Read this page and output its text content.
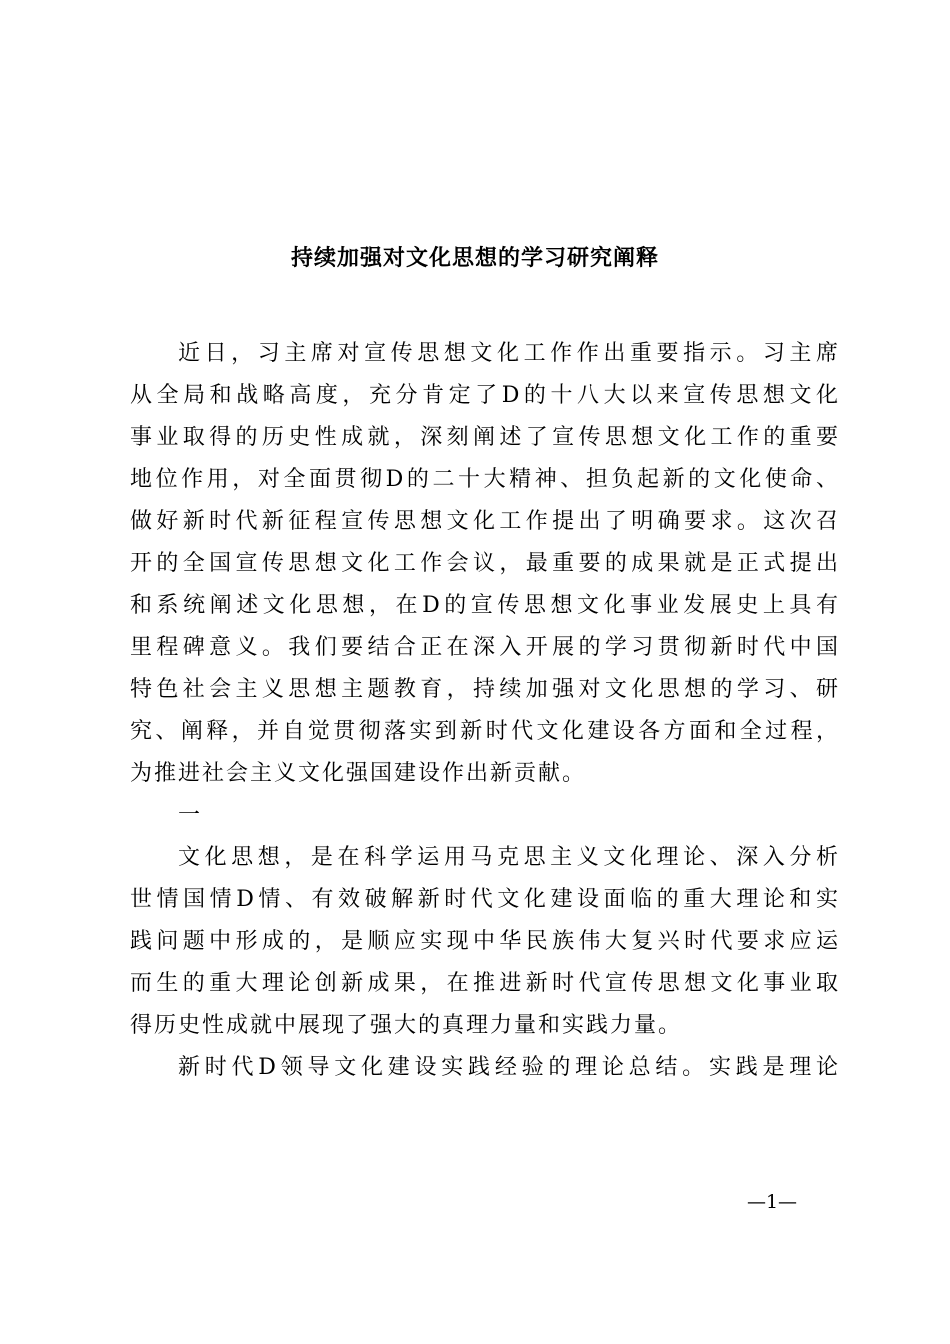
持续加强对文化思想的学习研究阐释
近日，习主席对宣传思想文化工作作出重要指示。习主席
从全局和战略高度，充分肯定了D的十八大以来宣传思想文化
事业取得的历史性成就，深刻阐述了宣传思想文化工作的重要
地位作用，对全面贯彻D的二十大精神、担负起新的文化使命、
做好新时代新征程宣传思想文化工作提出了明确要求。这次召
开的全国宣传思想文化工作会议，最重要的成果就是正式提出
和系统阐述文化思想，在D的宣传思想文化事业发展史上具有
里程碑意义。我们要结合正在深入开展的学习贯彻新时代中国
特色社会主义思想主题教育，持续加强对文化思想的学习、研
究、阐释，并自觉贯彻落实到新时代文化建设各方面和全过程，
为推进社会主义文化强国建设作出新贡献。
一
文化思想，是在科学运用马克思主义文化理论、深入分析
世情国情D情、有效破解新时代文化建设面临的重大理论和实
践问题中形成的，是顺应实现中华民族伟大复兴时代要求应运
而生的重大理论创新成果，在推进新时代宣传思想文化事业取
得历史性成就中展现了强大的真理力量和实践力量。
新时代D领导文化建设实践经验的理论总结。实践是理论
—1—
